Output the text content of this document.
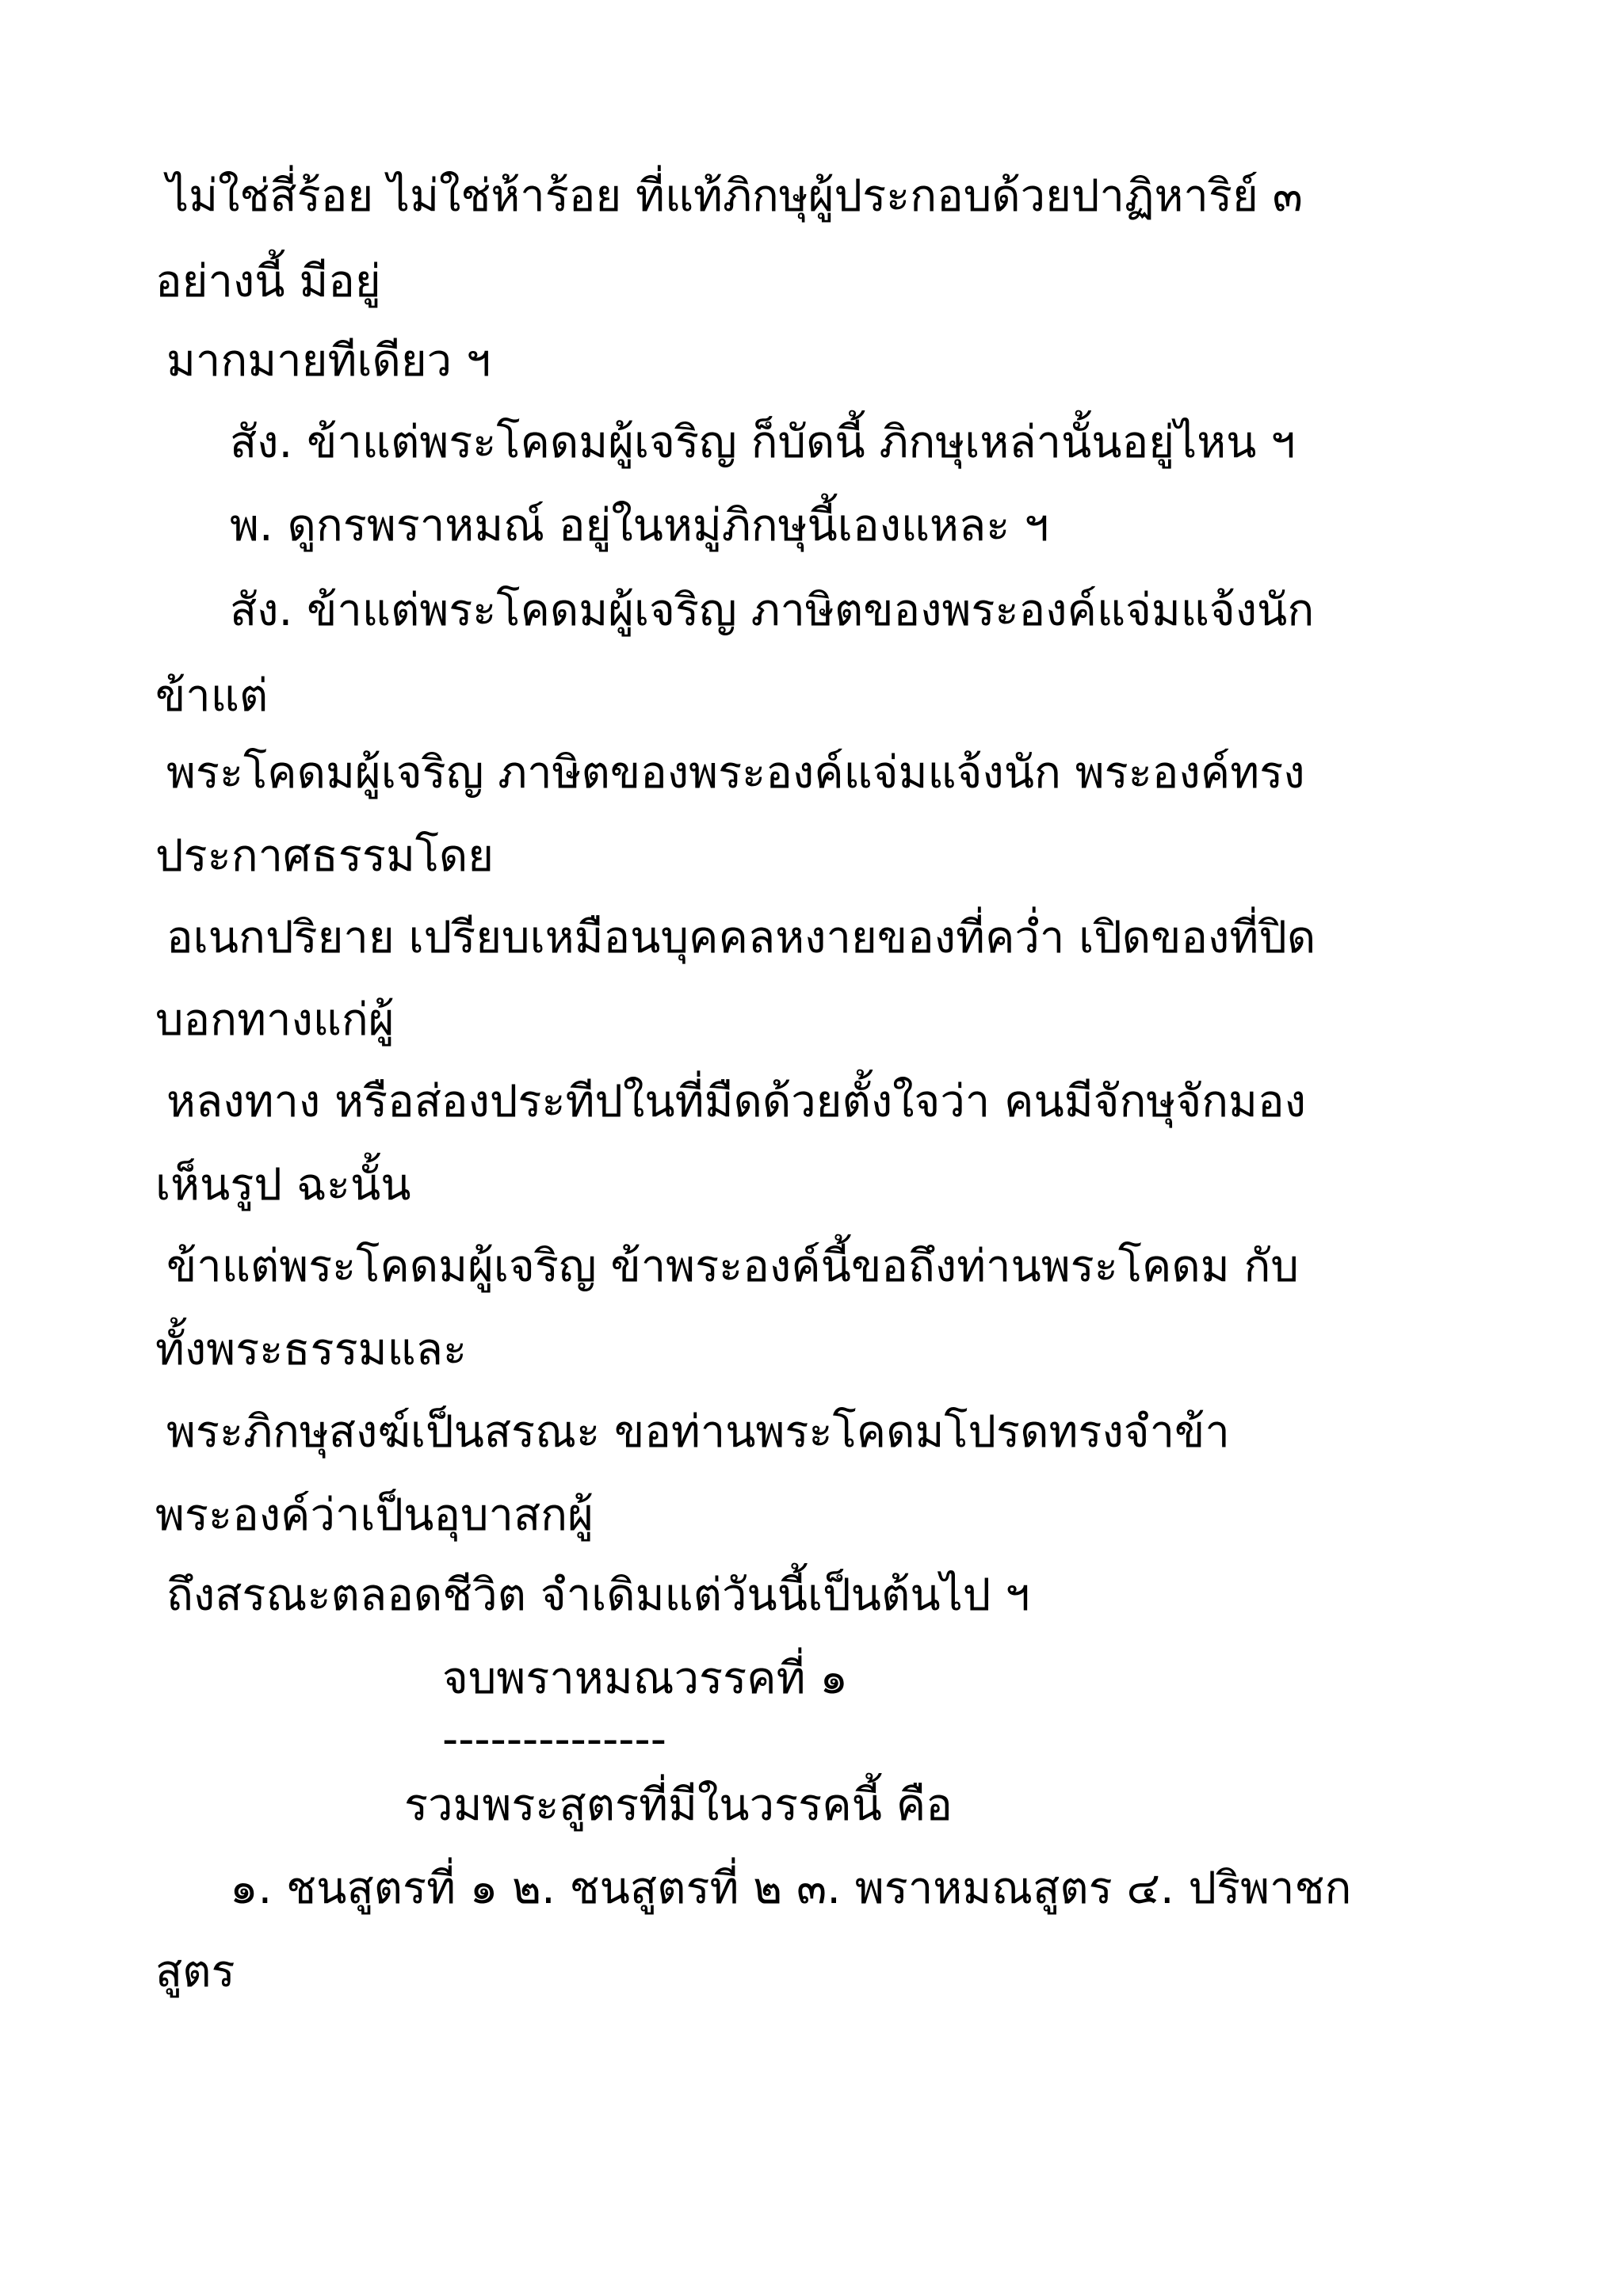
ไม่ใช่สี่ร้อย ไม่ใช่ห้าร้อย ที่แท้ภิกษุผู้ประกอบด้วยปาฏิหาริย์ ๓
อย่างนี้ มีอยู่
มากมายทีเดียว ฯ
สัง. ข้าแต่พระโคดมผู้เจริญ ก็บัดนี้ ภิกษุเหล่านั้นอยู่ไหน ฯ
พ. ดูกรพราหมณ์ อยู่ในหมู่ภิกษุนี้เองแหละ ฯ
สัง. ข้าแต่พระโคดมผู้เจริญ ภาษิตของพระองค์แจ่มแจ้งนัก
ข้าแต่
พระโคดมผู้เจริญ ภาษิตของพระองค์แจ่มแจ้งนัก พระองค์ทรง
ประกาศธรรมโดย
อเนกปริยาย เปรียบเหมือนบุคคลหงายของที่คว่ำ เปิดของที่ปิด
บอกทางแก่ผู้
หลงทาง หรือส่องประทีปในที่มืดด้วยตั้งใจว่า คนมีจักษุจักมอง
เห็นรูป ฉะนั้น
ข้าแต่พระโคดมผู้เจริญ ข้าพระองค์นี้ขอถึงท่านพระโคดม กับ
ทั้งพระธรรมและ
พระภิกษุสงฆ์เป็นสรณะ ขอท่านพระโคดมโปรดทรงจำข้า
พระองค์ว่าเป็นอุบาสกผู้
ถึงสรณะตลอดชีวิต จำเดิมแต่วันนี้เป็นต้นไป ฯ
จบพราหมณวรรคที่ ๑
--------------
รวมพระสูตรที่มีในวรรคนี้ คือ
๑. ชนสูตรที่ ๑ ๒. ชนสูตรที่ ๒ ๓. พราหมณสูตร ๔. ปริพาชก
สูตร
